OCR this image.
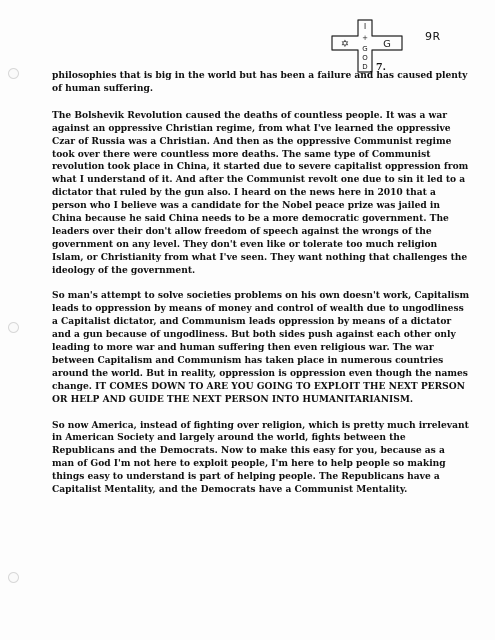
✡	G
I
+
G
O
D
9R
7.

philosophies that is big in the world but has been a failure and has caused plenty of human suffering.

The Bolshevik Revolution caused the deaths of countless people. It was a war against an oppressive Christian regime, from what I've learned the oppressive Czar of Russia was a Christian. And then as the oppressive Communist regime took over there were countless more deaths. The same type of Communist revolution took place in China, it started due to severe capitalist oppression from what I understand of it. And after the Communist revolt one due to sin it led to a dictator that ruled by the gun also. I heard on the news here in 2010 that a person who I believe was a candidate for the Nobel peace prize was jailed in China because he said China needs to be a more democratic government. The leaders over their don't allow freedom of speech against the wrongs of the government on any level. They don't even like or tolerate too much religion Islam, or Christianity from what I've seen. They want nothing that challenges the ideology of the government.

So man's attempt to solve societies problems on his own doesn't work, Capitalism leads to oppression by means of money and control of wealth due to ungodliness a Capitalist dictator, and Communism leads oppression by means of a dictator and a gun because of ungodliness. But both sides push against each other only leading to more war and human suffering then even religious war. The war between Capitalism and Communism has taken place in numerous countries around the world. But in reality, oppression is oppression even though the names change. IT COMES DOWN TO ARE YOU GOING TO EXPLOIT THE NEXT PERSON OR HELP AND GUIDE THE NEXT PERSON INTO HUMANITARIANISM.

So now America, instead of fighting over religion, which is pretty much irrelevant in American Society and largely around the world, fights between the Republicans and the Democrats. Now to make this easy for you, because as a man of God I'm not here to exploit people, I'm here to help people so making things easy to understand is part of helping people. The Republicans have a Capitalist Mentality, and the Democrats have a Communist Mentality.
